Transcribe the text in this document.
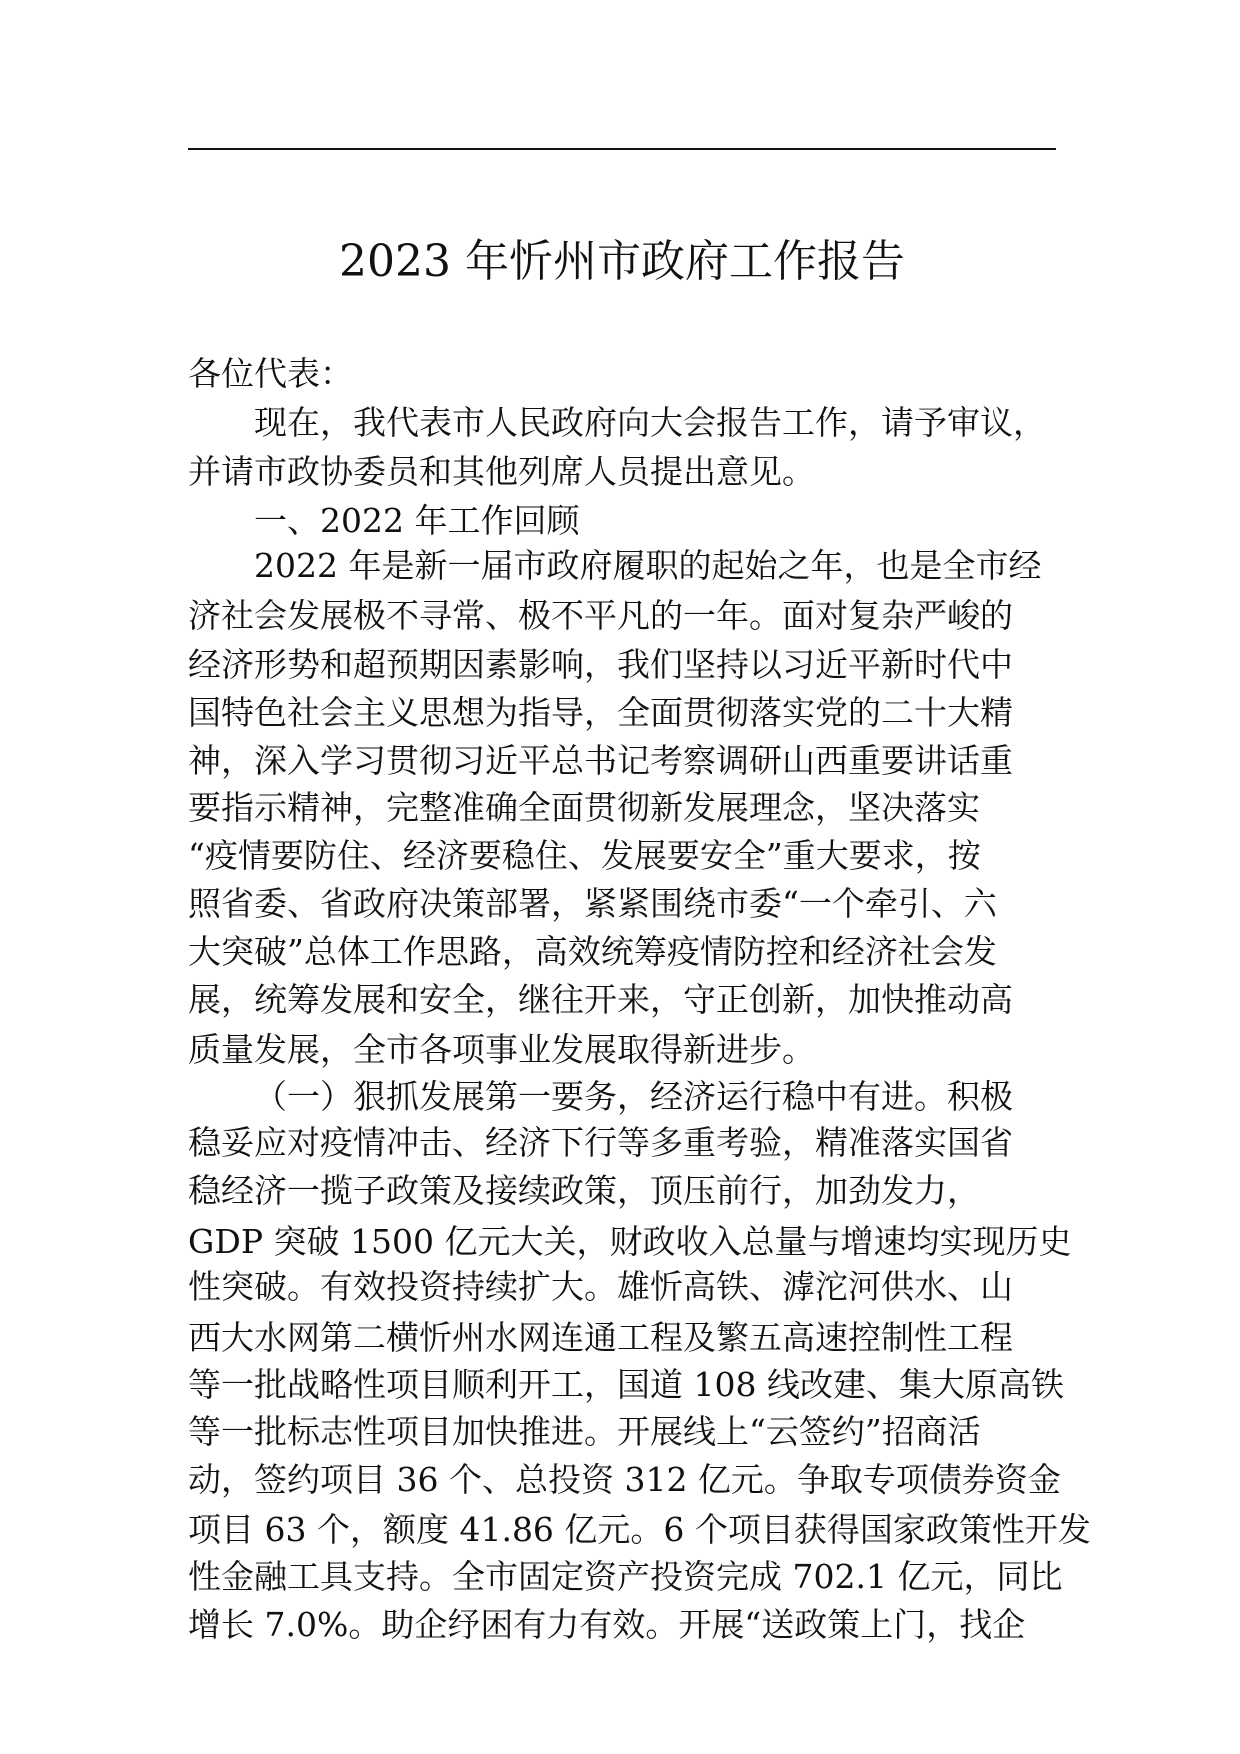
2023 年忻州市政府工作报告
各位代表：
现在，我代表市人民政府向大会报告工作，请予审议，
并请市政协委员和其他列席人员提出意见。
一、2022 年工作回顾
2022 年是新一届市政府履职的起始之年，也是全市经
济社会发展极不寻常、极不平凡的一年。面对复杂严峻的
经济形势和超预期因素影响，我们坚持以习近平新时代中
国特色社会主义思想为指导，全面贯彻落实党的二十大精
神，深入学习贯彻习近平总书记考察调研山西重要讲话重
要指示精神，完整准确全面贯彻新发展理念，坚决落实
“疫情要防住、经济要稳住、发展要安全”重大要求，按
照省委、省政府决策部署，紧紧围绕市委“一个牵引、六
大突破”总体工作思路，高效统筹疫情防控和经济社会发
展，统筹发展和安全，继往开来，守正创新，加快推动高
质量发展，全市各项事业发展取得新进步。
（一）狠抓发展第一要务，经济运行稳中有进。积极
稳妥应对疫情冲击、经济下行等多重考验，精准落实国省
稳经济一揽子政策及接续政策，顶压前行，加劲发力，
GDP 突破 1500 亿元大关，财政收入总量与增速均实现历史
性突破。有效投资持续扩大。雄忻高铁、滹沱河供水、山
西大水网第二横忻州水网连通工程及繁五高速控制性工程
等一批战略性项目顺利开工，国道 108 线改建、集大原高铁
等一批标志性项目加快推进。开展线上“云签约”招商活
动，签约项目 36 个、总投资 312 亿元。争取专项债券资金
项目 63 个，额度 41.86 亿元。6 个项目获得国家政策性开发
性金融工具支持。全市固定资产投资完成 702.1 亿元，同比
增长 7.0%。助企纾困有力有效。开展“送政策上门，找企
